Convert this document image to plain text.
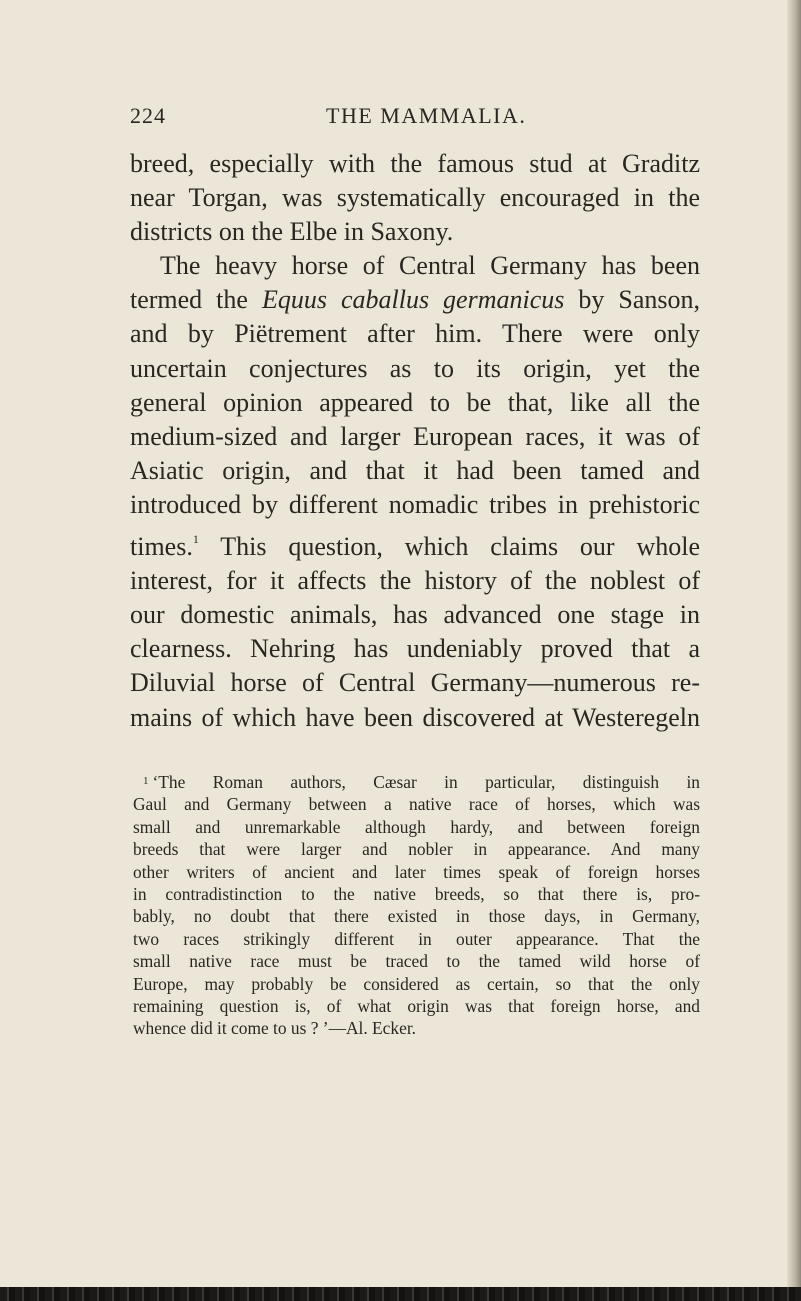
224	THE MAMMALIA.
breed, especially with the famous stud at Graditz
near Torgan, was systematically encouraged in the
districts on the Elbe in Saxony.
The heavy horse of Central Germany has been
termed the Equus caballus germanicus by Sanson,
and by Piëtrement after him. There were only
uncertain conjectures as to its origin, yet the
general opinion appeared to be that, like all the
medium-sized and larger European races, it was of
Asiatic origin, and that it had been tamed and
introduced by different nomadic tribes in prehistoric
times.$^1$ This question, which claims our whole
interest, for it affects the history of the noblest of
our domestic animals, has advanced one stage in
clearness. Nehring has undeniably proved that a
Diluvial horse of Central Germany—numerous re-
mains of which have been discovered at Westeregeln
$^1$ ‘The Roman authors, Cæsar in particular, distinguish in
Gaul and Germany between a native race of horses, which was
small and unremarkable although hardy, and between foreign
breeds that were larger and nobler in appearance. And many
other writers of ancient and later times speak of foreign horses
in contradistinction to the native breeds, so that there is, pro-
bably, no doubt that there existed in those days, in Germany,
two races strikingly different in outer appearance. That the
small native race must be traced to the tamed wild horse of
Europe, may probably be considered as certain, so that the only
remaining question is, of what origin was that foreign horse, and
whence did it come to us ? ’—Al. Ecker.
